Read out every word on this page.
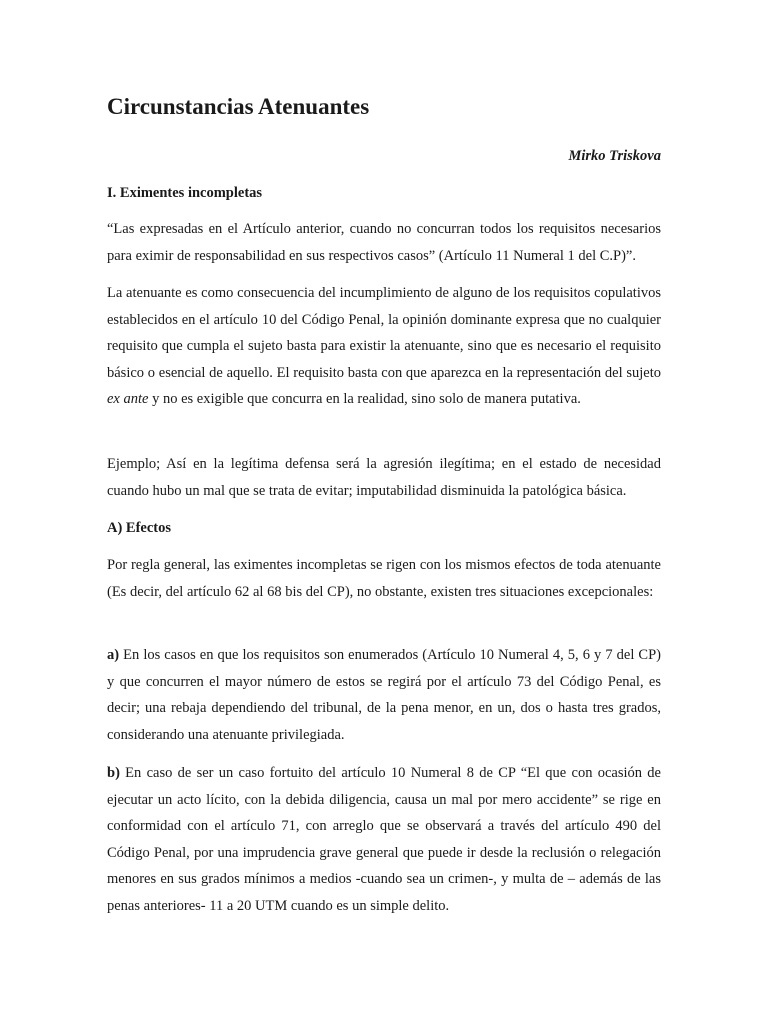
Circunstancias Atenuantes

Mirko Triskova

I. Eximentes incompletas

“Las expresadas en el Artículo anterior, cuando no concurran todos los requisitos necesarios para eximir de responsabilidad en sus respectivos casos” (Artículo 11 Numeral 1 del C.P)”.

La atenuante es como consecuencia del incumplimiento de alguno de los requisitos copulativos establecidos en el artículo 10 del Código Penal, la opinión dominante expresa que no cualquier requisito que cumpla el sujeto basta para existir la atenuante, sino que es necesario el requisito básico o esencial de aquello. El requisito basta con que aparezca en la representación del sujeto ex ante y no es exigible que concurra en la realidad, sino solo de manera putativa.

Ejemplo; Así en la legítima defensa será la agresión ilegítima; en el estado de necesidad cuando hubo un mal que se trata de evitar; imputabilidad disminuida la patológica básica.

A) Efectos

Por regla general, las eximentes incompletas se rigen con los mismos efectos de toda atenuante (Es decir, del artículo 62 al 68 bis del CP), no obstante, existen tres situaciones excepcionales:

a) En los casos en que los requisitos son enumerados (Artículo 10 Numeral 4, 5, 6 y 7 del CP) y que concurren el mayor número de estos se regirá por el artículo 73 del Código Penal, es decir; una rebaja dependiendo del tribunal, de la pena menor, en un, dos o hasta tres grados, considerando una atenuante privilegiada.

b) En caso de ser un caso fortuito del artículo 10 Numeral 8 de CP “El que con ocasión de ejecutar un acto lícito, con la debida diligencia, causa un mal por mero accidente” se rige en conformidad con el artículo 71, con arreglo que se observará a través del artículo 490 del Código Penal, por una imprudencia grave general que puede ir desde la reclusión o relegación menores en sus grados mínimos a medios -cuando sea un crimen-, y multa de – además de las penas anteriores- 11 a 20 UTM cuando es un simple delito.
